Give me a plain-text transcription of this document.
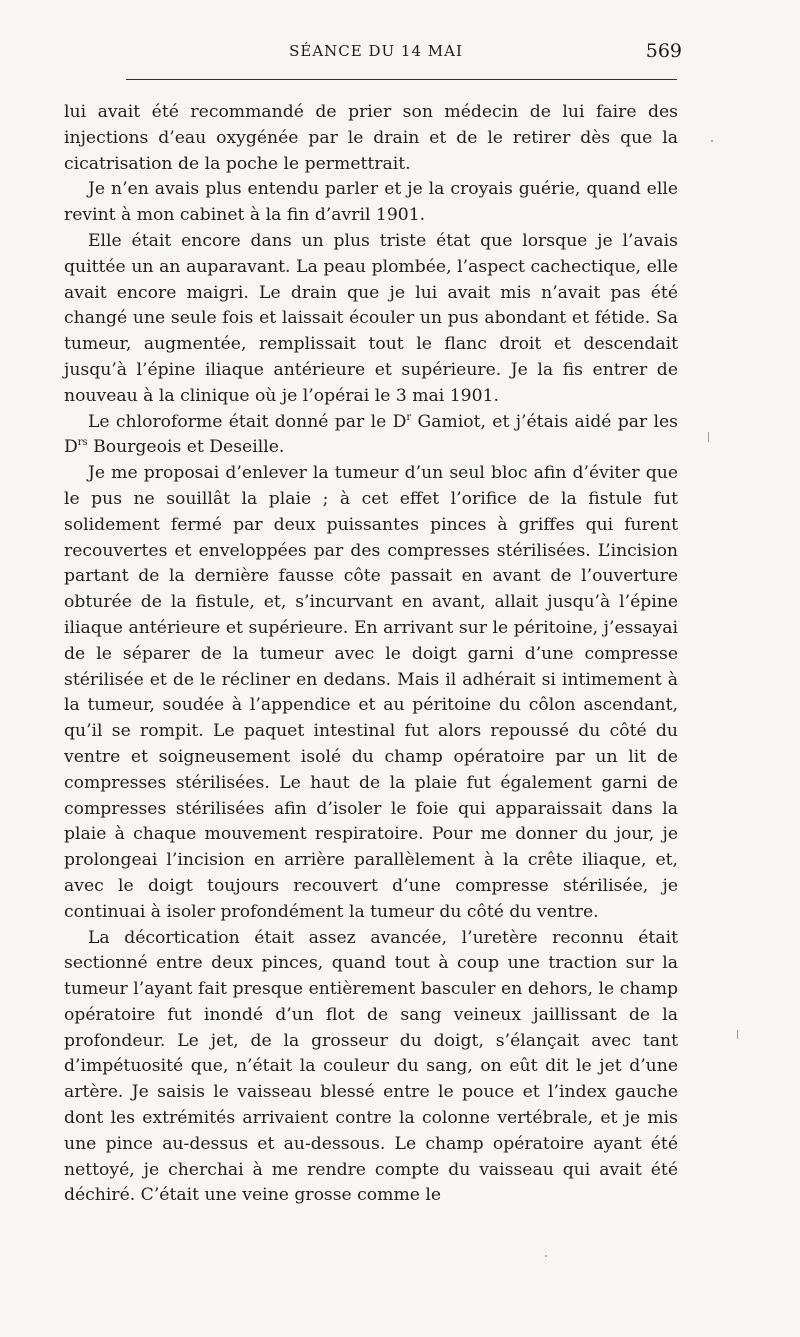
SÉANCE DU 14 MAI	569

lui avait été recommandé de prier son médecin de lui faire des injections d’eau oxygénée par le drain et de le retirer dès que la cicatrisation de la poche le permettrait.

Je n’en avais plus entendu parler et je la croyais guérie, quand elle revint à mon cabinet à la fin d’avril 1901.

Elle était encore dans un plus triste état que lorsque je l’avais quittée un an auparavant. La peau plombée, l’aspect cachectique, elle avait encore maigri. Le drain que je lui avait mis n’avait pas été changé une seule fois et laissait écouler un pus abondant et fétide. Sa tumeur, augmentée, remplissait tout le flanc droit et descendait jusqu’à l’épine iliaque antérieure et supérieure. Je la fis entrer de nouveau à la clinique où je l’opérai le 3 mai 1901.

Le chloroforme était donné par le $D^r$ Gamiot, et j’étais aidé par les $D^{rs}$ Bourgeois et Deseille.

Je me proposai d’enlever la tumeur d’un seul bloc afin d’éviter que le pus ne souillât la plaie ; à cet effet l’orifice de la fistule fut solidement fermé par deux puissantes pinces à griffes qui furent recouvertes et enveloppées par des compresses stérilisées. L’incision partant de la dernière fausse côte passait en avant de l’ouverture obturée de la fistule, et, s’incurvant en avant, allait jusqu’à l’épine iliaque antérieure et supérieure. En arrivant sur le péritoine, j’essayai de le séparer de la tumeur avec le doigt garni d’une compresse stérilisée et de le récliner en dedans. Mais il adhérait si intimement à la tumeur, soudée à l’appendice et au péritoine du côlon ascendant, qu’il se rompit. Le paquet intestinal fut alors repoussé du côté du ventre et soigneusement isolé du champ opératoire par un lit de compresses stérilisées. Le haut de la plaie fut également garni de compresses stérilisées afin d’isoler le foie qui apparaissait dans la plaie à chaque mouvement respiratoire. Pour me donner du jour, je prolongeai l’incision en arrière parallèlement à la crête iliaque, et, avec le doigt toujours recouvert d’une compresse stérilisée, je continuai à isoler profondément la tumeur du côté du ventre.

La décortication était assez avancée, l’uretère reconnu était sectionné entre deux pinces, quand tout à coup une traction sur la tumeur l’ayant fait presque entièrement basculer en dehors, le champ opératoire fut inondé d’un flot de sang veineux jaillissant de la profondeur. Le jet, de la grosseur du doigt, s’élançait avec tant d’impétuosité que, n’était la couleur du sang, on eût dit le jet d’une artère. Je saisis le vaisseau blessé entre le pouce et l’index gauche dont les extrémités arrivaient contre la colonne vertébrale, et je mis une pince au-dessus et au-dessous. Le champ opératoire ayant été nettoyé, je cherchai à me rendre compte du vaisseau qui avait été déchiré. C’était une veine grosse comme le
